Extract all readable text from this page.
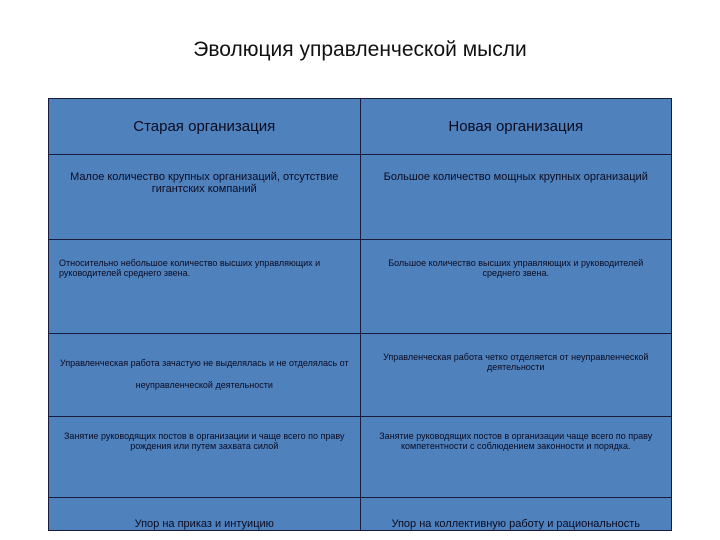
Эволюция управленческой мысли
Старая организация	Новая организация
Малое количество крупных организаций, отсутствие гигантских компаний	Большое количество мощных крупных организаций
Относительно небольшое количество высших управляющих и руководителей среднего звена.	Большое количество высших управляющих и руководителей среднего звена.
Управленческая работа зачастую не выделялась и не отделялась от неуправленческой деятельности	Управленческая работа четко отделяется от неуправленческой деятельности
Занятие руководящих постов в организации и чаще всего по праву рождения или путем захвата силой	Занятие руководящих постов в организации чаще всего по праву компетентности с соблюдением законности и порядка.
Упор на приказ и интуицию	Упор на коллективную работу и рациональность
